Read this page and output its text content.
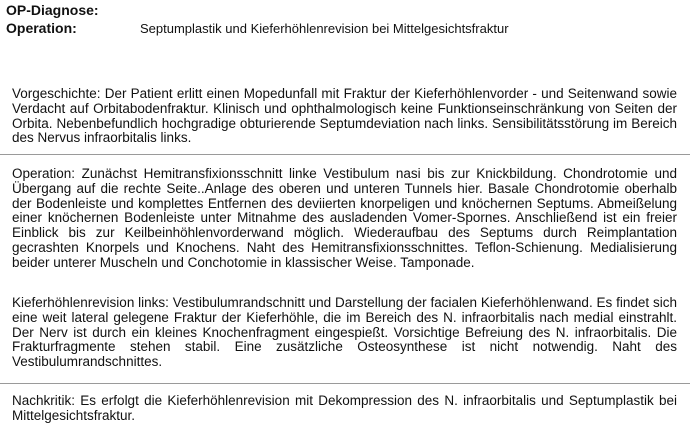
OP-Diagnose:
Operation:	Septumplastik und Kieferhöhlenrevision bei Mittelgesichtsfraktur

Vorgeschichte: Der Patient erlitt einen Mopedunfall mit Fraktur der Kieferhöhlenvorder - und Seitenwand sowie Verdacht auf Orbitabodenfraktur. Klinisch und ophthalmologisch keine Funktionseinschränkung von Seiten der Orbita. Nebenbefundlich hochgradige obturierende Septumdeviation nach links. Sensibilitätsstörung im Bereich des Nervus infraorbitalis links.

Operation: Zunächst Hemitransfixionsschnitt linke Vestibulum nasi bis zur Knickbildung. Chondrotomie und Übergang auf die rechte Seite..Anlage des oberen und unteren Tunnels hier. Basale Chondrotomie oberhalb der Bodenleiste und komplettes Entfernen des deviierten knorpeligen und knöchernen Septums. Abmeißelung einer knöchernen Bodenleiste unter Mitnahme des ausladenden Vomer-Spornes. Anschließend ist ein freier Einblick bis zur Keilbeinhöhlenvorderwand möglich. Wiederaufbau des Septums durch Reimplantation gecrashten Knorpels und Knochens. Naht des Hemitransfixionsschnittes. Teflon-Schienung. Medialisierung beider unterer Muscheln und Conchotomie in klassischer Weise. Tamponade.

Kieferhöhlenrevision links: Vestibulumrandschnitt und Darstellung der facialen Kieferhöhlenwand. Es findet sich eine weit lateral gelegene Fraktur der Kieferhöhle, die im Bereich des N. infraorbitalis nach medial einstrahlt. Der Nerv ist durch ein kleines Knochenfragment eingespießt. Vorsichtige Befreiung des N. infraorbitalis. Die Frakturfragmente stehen stabil. Eine zusätzliche Osteosynthese ist nicht notwendig. Naht des Vestibulumrandschnittes.

Nachkritik: Es erfolgt die Kieferhöhlenrevision mit Dekompression des N. infraorbitalis und Septumplastik bei Mittelgesichtsfraktur.
